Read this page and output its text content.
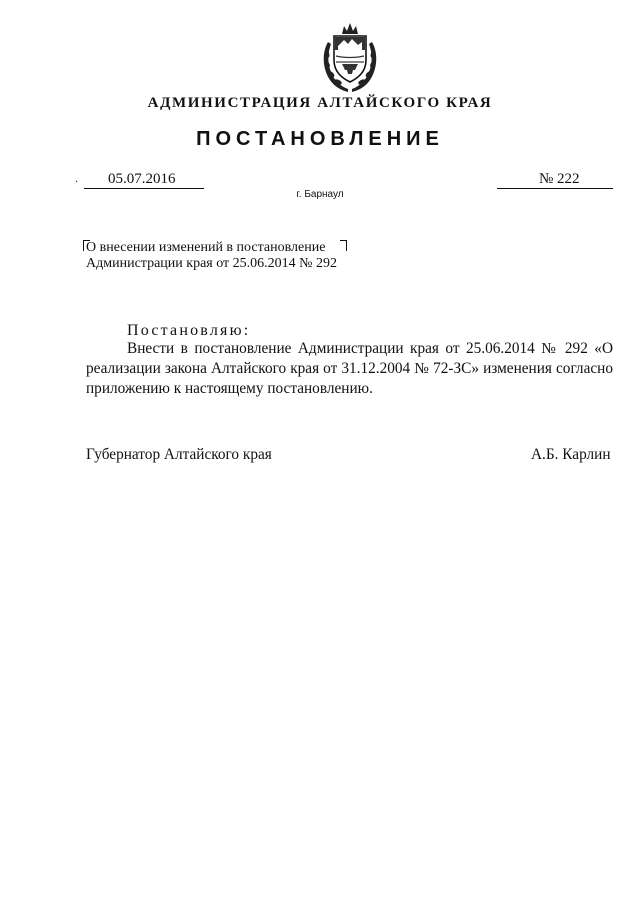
АДМИНИСТРАЦИЯ АЛТАЙСКОГО КРАЯ
ПОСТАНОВЛЕНИЕ
·	05.07.2016	№ 222
г. Барнаул
О внесении изменений в постановление
Администрации края от 25.06.2014 № 292
Постановляю:

Внести в постановление Администрации края от 25.06.2014 № 292 «О реализации закона Алтайского края от 31.12.2004 № 72-ЗС» изменения согласно приложению к настоящему постановлению.

Губернатор Алтайского края	А.Б. Карлин
